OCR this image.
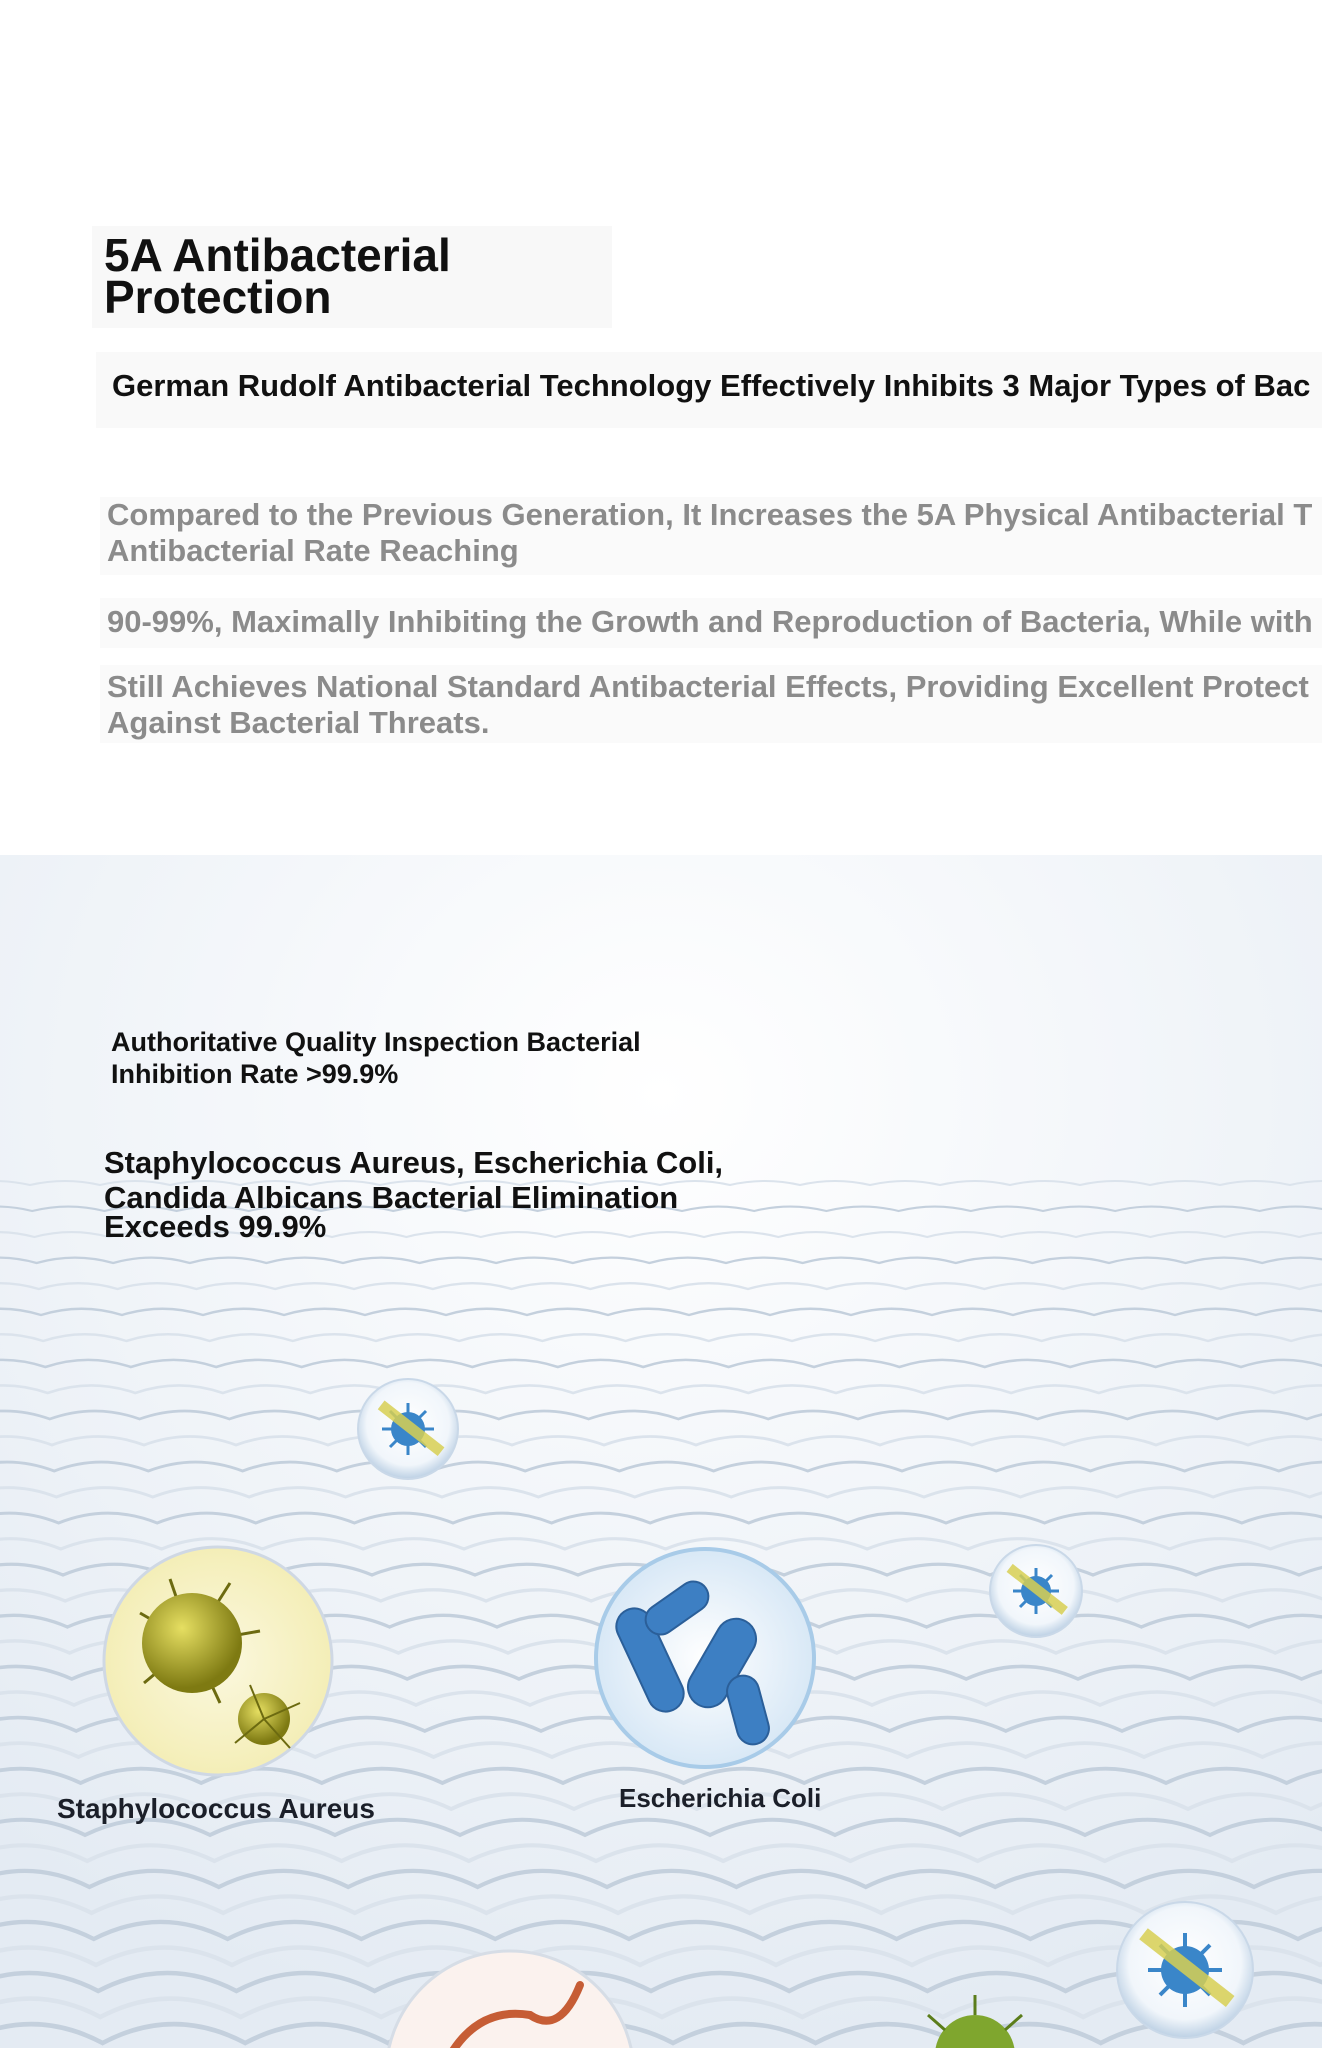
5A Antibacterial
Protection
German Rudolf Antibacterial Technology Effectively Inhibits 3 Major Types of Bac
Compared to the Previous Generation, It Increases the 5A Physical Antibacterial T
Antibacterial Rate Reaching
90-99%, Maximally Inhibiting the Growth and Reproduction of Bacteria, While with
Still Achieves National Standard Antibacterial Effects, Providing Excellent Protect
Against Bacterial Threats.
Authoritative Quality Inspection Bacterial
Inhibition Rate >99.9%
Staphylococcus Aureus, Escherichia Coli,
Candida Albicans Bacterial Elimination
Exceeds 99.9%
Staphylococcus Aureus	Escherichia Coli
